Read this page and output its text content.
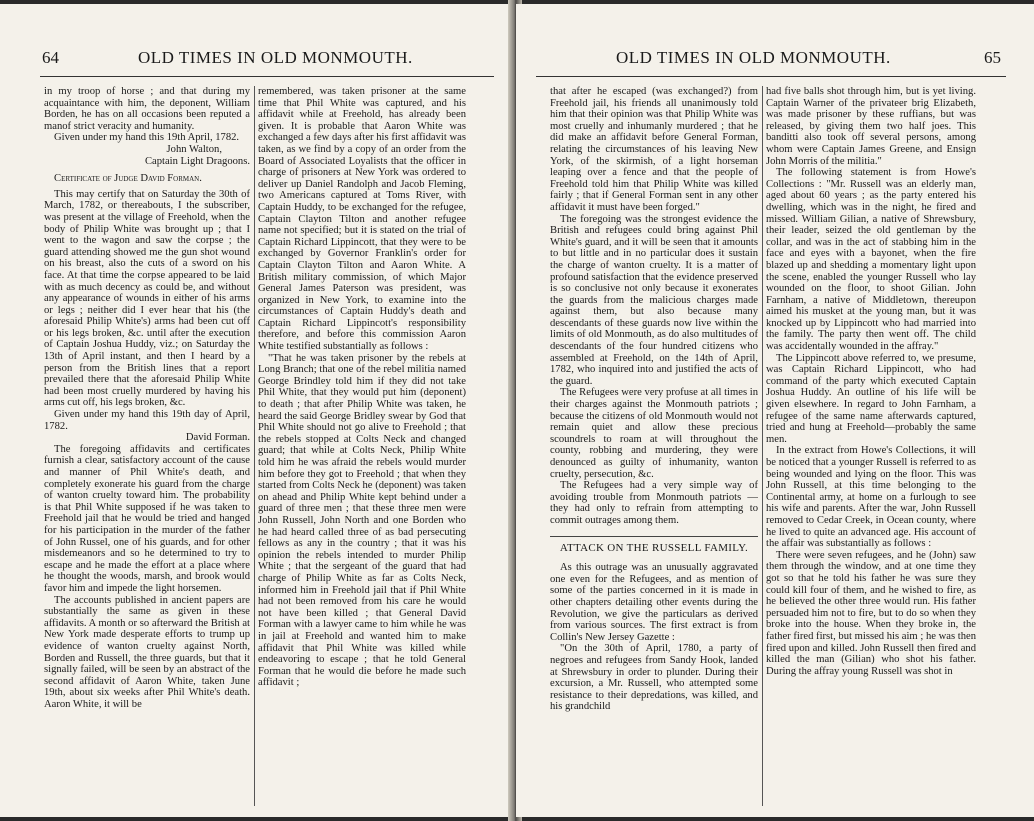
64	OLD TIMES IN OLD MONMOUTH.

in my troop of horse ; and that during my acquaintance with him, the deponent, William Borden, he has on all occasions been reputed a manof strict veracity and humanity.

Given under my hand this 19th April, 1782.

John Walton,

Captain Light Dragoons.

Certificate of Judge David Forman.

This may certify that on Saturday the 30th of March, 1782, or thereabouts, I the subscriber, was present at the village of Freehold, when the body of Philip White was brought up ; that I went to the wagon and saw the corpse ; the guard attending showed me the gun shot wound on his breast, also the cuts of a sword on his face. At that time the corpse appeared to be laid with as much decency as could be, and without any appearance of wounds in either of his arms or legs ; neither did I ever hear that his (the aforesaid Philip White's) arms had been cut off or his legs broken, &c. until after the execution of Captain Joshua Huddy, viz.; on Saturday the 13th of April instant, and then I heard by a person from the British lines that a report prevailed there that the aforesaid Philip White had been most cruelly murdered by having his arms cut off, his legs broken, &c.

Given under my hand this 19th day of April, 1782.

David Forman.

The foregoing affidavits and certificates furnish a clear, satisfactory account of the cause and manner of Phil White's death, and completely exonerate his guard from the charge of wanton cruelty toward him. The probability is that Phil White supposed if he was taken to Freehold jail that he would be tried and hanged for his participation in the murder of the father of John Russel, one of his guards, and for other misdemeanors and so he determined to try to escape and he made the effort at a place where he thought the woods, marsh, and brook would favor him and impede the light horsemen.

The accounts published in ancient papers are substantially the same as given in these affidavits. A month or so afterward the British at New York made desperate efforts to trump up evidence of wanton cruelty against North, Borden and Russell, the three guards, but that it signally failed, will be seen by an abstract of the second affidavit of Aaron White, taken June 19th, about six weeks after Phil White's death. Aaron White, it will be

remembered, was taken prisoner at the same time that Phil White was captured, and his affidavit while at Freehold, has already been given. It is probable that Aaron White was exchanged a few days after his first affidavit was taken, as we find by a copy of an order from the Board of Associated Loyalists that the officer in charge of prisoners at New York was ordered to deliver up Daniel Randolph and Jacob Fleming, two Americans captured at Toms River, with Captain Huddy, to be exchanged for the refugee, Captain Clayton Tilton and another refugee name not specified; but it is stated on the trial of Captain Richard Lippincott, that they were to be exchanged by Governor Franklin's order for Captain Clayton Tilton and Aaron White. A British military commission, of which Major General James Paterson was president, was organized in New York, to examine into the circumstances of Captain Huddy's death and Captain Richard Lippincott's responsibility therefore, and before this commission Aaron White testified substantially as follows :

"That he was taken prisoner by the rebels at Long Branch; that one of the rebel militia named George Brindley told him if they did not take Phil White, that they would put him (deponent) to death ; that after Philip White was taken, he heard the said George Bridley swear by God that Phil White should not go alive to Freehold ; that the rebels stopped at Colts Neck and changed guard; that while at Colts Neck, Philip White told him he was afraid the rebels would murder him before they got to Freehold ; that when they started from Colts Neck he (deponent) was taken on ahead and Philip White kept behind under a guard of three men ; that these three men were John Russell, John North and one Borden who he had heard called three of as bad persecuting fellows as any in the country ; that it was his opinion the rebels intended to murder Philip White ; that the sergeant of the guard that had charge of Philip White as far as Colts Neck, informed him in Freehold jail that if Phil White had not been removed from his care he would not have been killed ; that General David Forman with a lawyer came to him while he was in jail at Freehold and wanted him to make affidavit that Phil White was killed while endeavoring to escape ; that he told General Forman that he would die before he made such affidavit ;

OLD TIMES IN OLD MONMOUTH.	65

that after he escaped (was exchanged?) from Freehold jail, his friends all unanimously told him that their opinion was that Philip White was most cruelly and inhumanly murdered ; that he did make an affidavit before General Forman, relating the circumstances of his leaving New York, of the skirmish, of a light horseman leaping over a fence and that the people of Freehold told him that Philip White was killed fairly ; that if General Forman sent in any other affidavit it must have been forged."

The foregoing was the strongest evidence the British and refugees could bring against Phil White's guard, and it will be seen that it amounts to but little and in no particular does it sustain the charge of wanton cruelty. It is a matter of profound satisfaction that the evidence preserved is so conclusive not only because it exonerates the guards from the malicious charges made against them, but also because many descendants of these guards now live within the limits of old Monmouth, as do also multitudes of descendants of the four hundred citizens who assembled at Freehold, on the 14th of April, 1782, who inquired into and justified the acts of the guard.

The Refugees were very profuse at all times in their charges against the Monmouth patriots ; because the citizens of old Monmouth would not remain quiet and allow these precious scoundrels to roam at will throughout the county, robbing and murdering, they were denounced as guilty of inhumanity, wanton cruelty, persecution, &c.

The Refugees had a very simple way of avoiding trouble from Monmouth patriots —they had only to refrain from attempting to commit outrages among them.

ATTACK ON THE RUSSELL FAMILY.

As this outrage was an unusually aggravated one even for the Refugees, and as mention of some of the parties concerned in it is made in other chapters detailing other events during the Revolution, we give the particulars as derived from various sources. The first extract is from Collin's New Jersey Gazette :

"On the 30th of April, 1780, a party of negroes and refugees from Sandy Hook, landed at Shrewsbury in order to plunder. During their excursion, a Mr. Russell, who attempted some resistance to their depredations, was killed, and his grandchild

had five balls shot through him, but is yet living. Captain Warner of the privateer brig Elizabeth, was made prisoner by these ruffians, but was released, by giving them two half joes. This banditti also took off several persons, among whom were Captain James Greene, and Ensign John Morris of the militia."

The following statement is from Howe's Collections : "Mr. Russell was an elderly man, aged about 60 years ; as the party entered his dwelling, which was in the night, he fired and missed. William Gilian, a native of Shrewsbury, their leader, seized the old gentleman by the collar, and was in the act of stabbing him in the face and eyes with a bayonet, when the fire blazed up and shedding a momentary light upon the scene, enabled the younger Russell who lay wounded on the floor, to shoot Gilian. John Farnham, a native of Middletown, thereupon aimed his musket at the young man, but it was knocked up by Lippincott who had married into the family. The party then went off. The child was accidentally wounded in the affray."

The Lippincott above referred to, we presume, was Captain Richard Lippincott, who had command of the party which executed Captain Joshua Huddy. An outline of his life will be given elsewhere. In regard to John Farnham, a refugee of the same name afterwards captured, tried and hung at Freehold—probably the same men.

In the extract from Howe's Collections, it will be noticed that a younger Russell is referred to as being wounded and lying on the floor. This was John Russell, at this time belonging to the Continental army, at home on a furlough to see his wife and parents. After the war, John Russell removed to Cedar Creek, in Ocean county, where he lived to quite an advanced age. His account of the affair was substantially as follows :

There were seven refugees, and he (John) saw them through the window, and at one time they got so that he told his father he was sure they could kill four of them, and he wished to fire, as he believed the other three would run. His father persuaded him not to fire, but to do so when they broke into the house. When they broke in, the father fired first, but missed his aim ; he was then fired upon and killed. John Russell then fired and killed the man (Gilian) who shot his father. During the affray young Russell was shot in
